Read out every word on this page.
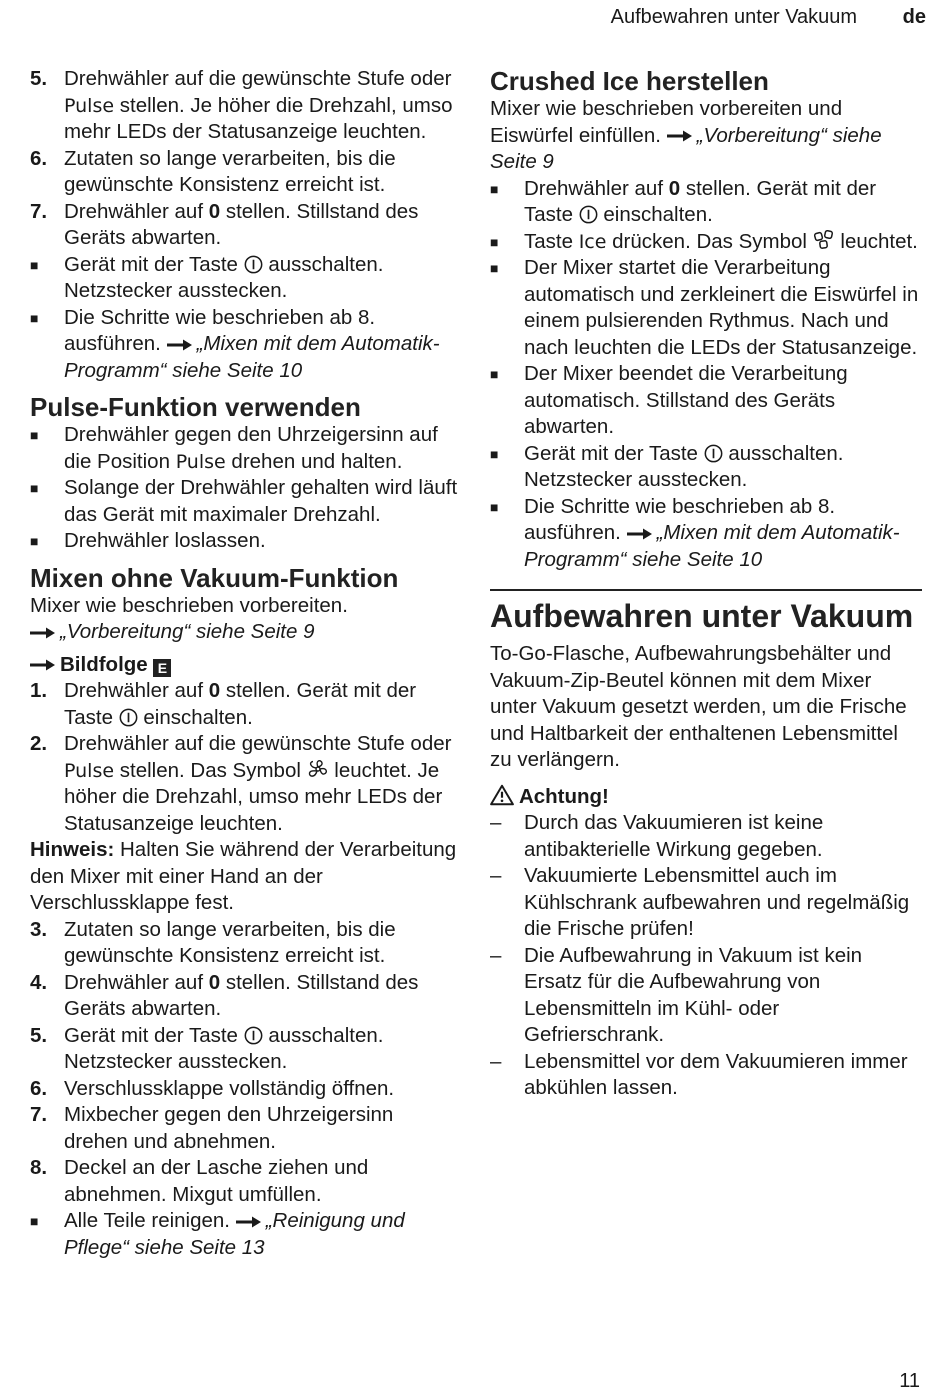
Aufbewahren unter Vakuum de
5. Drehwähler auf die gewünschte Stufe oder Pulse stellen. Je höher die Drehzahl, umso mehr LEDs der Statusanzeige leuchten.
6. Zutaten so lange verarbeiten, bis die gewünschte Konsistenz erreicht ist.
7. Drehwähler auf 0 stellen. Stillstand des Geräts abwarten.
■	Gerät mit der Taste  ausschalten. Netzstecker ausstecken.
■	Die Schritte wie beschrieben ab 8. ausführen. „Mixen mit dem Automatik-Programm“ siehe Seite 10
Pulse-Funktion verwenden
■	Drehwähler gegen den Uhrzeigersinn auf die Position Pulse drehen und halten.
■	Solange der Drehwähler gehalten wird läuft das Gerät mit maximaler Drehzahl.
■	Drehwähler loslassen.
Mixen ohne Vakuum-Funktion

Mixer wie beschrieben vorbereiten.

„Vorbereitung“ siehe Seite 9

Bildfolge E

1. Drehwähler auf 0 stellen. Gerät mit der Taste  einschalten.
2. Drehwähler auf die gewünschte Stufe oder Pulse stellen. Das Symbol  leuchtet. Je höher die Drehzahl, umso mehr LEDs der Statusanzeige leuchten.

Hinweis: Halten Sie während der Verarbeitung den Mixer mit einer Hand an der Verschlussklappe fest.

3. Zutaten so lange verarbeiten, bis die gewünschte Konsistenz erreicht ist.
4. Drehwähler auf 0 stellen. Stillstand des Geräts abwarten.
5. Gerät mit der Taste  ausschalten. Netzstecker ausstecken.
6. Verschlussklappe vollständig öffnen.
7. Mixbecher gegen den Uhrzeigersinn drehen und abnehmen.
8. Deckel an der Lasche ziehen und abnehmen. Mixgut umfüllen.
■	Alle Teile reinigen. „Reinigung und Pflege“ siehe Seite 13
Crushed Ice herstellen

Mixer wie beschrieben vorbereiten und Eiswürfel einfüllen. „Vorbereitung“ siehe Seite 9

■	Drehwähler auf 0 stellen. Gerät mit der Taste  einschalten.
■	Taste Ice drücken. Das Symbol  leuchtet.
■	Der Mixer startet die Verarbeitung automatisch und zerkleinert die Eiswürfel in einem pulsierenden Rythmus. Nach und nach leuchten die LEDs der Statusanzeige.
■	Der Mixer beendet die Verarbeitung automatisch. Stillstand des Geräts abwarten.
■	Gerät mit der Taste  ausschalten. Netzstecker ausstecken.
■	Die Schritte wie beschrieben ab 8. ausführen. „Mixen mit dem Automatik-Programm“ siehe Seite 10
Aufbewahren unter Vakuum

To-Go-Flasche, Aufbewahrungsbehälter und Vakuum-Zip-Beutel können mit dem Mixer unter Vakuum gesetzt werden, um die Frische und Haltbarkeit der enthaltenen Lebensmittel zu verlängern.

Achtung!

–	Durch das Vakuumieren ist keine antibakterielle Wirkung gegeben.
–	Vakuumierte Lebensmittel auch im Kühlschrank aufbewahren und regelmäßig die Frische prüfen!
–	Die Aufbewahrung in Vakuum ist kein Ersatz für die Aufbewahrung von Lebensmitteln im Kühl- oder Gefrierschrank.
–	Lebensmittel vor dem Vakuumieren immer abkühlen lassen.
11
